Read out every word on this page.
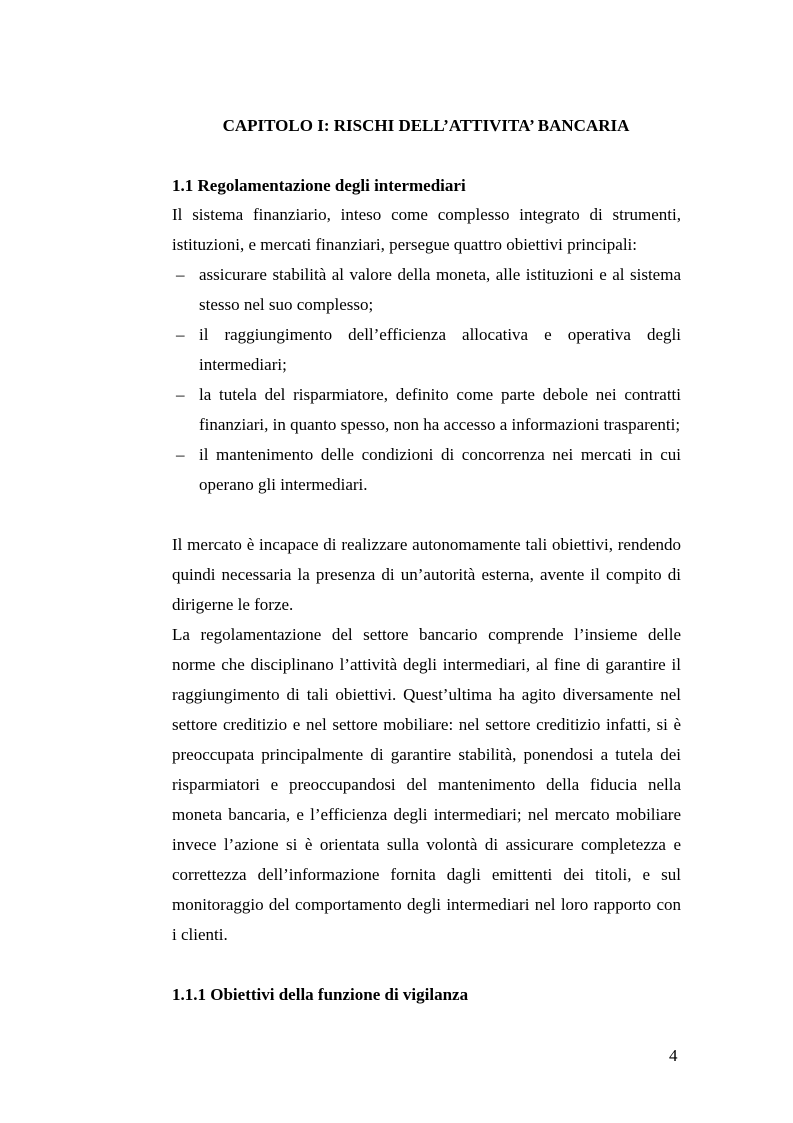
CAPITOLO I: RISCHI DELL’ATTIVITA’ BANCARIA
1.1 Regolamentazione degli intermediari

Il sistema finanziario, inteso come complesso integrato di strumenti, istituzioni, e mercati finanziari, persegue quattro obiettivi principali:

– assicurare stabilità al valore della moneta, alle istituzioni e al sistema stesso nel suo complesso;
– il raggiungimento dell’efficienza allocativa e operativa degli intermediari;
– la tutela del risparmiatore, definito come parte debole nei contratti finanziari, in quanto spesso, non ha accesso a informazioni trasparenti;
– il mantenimento delle condizioni di concorrenza nei mercati in cui operano gli intermediari.

Il mercato è incapace di realizzare autonomamente tali obiettivi, rendendo quindi necessaria la presenza di un’autorità esterna, avente il compito di dirigerne le forze.

La regolamentazione del settore bancario comprende l’insieme delle norme che disciplinano l’attività degli intermediari, al fine di garantire il raggiungimento di tali obiettivi. Quest’ultima ha agito diversamente nel settore creditizio e nel settore mobiliare: nel settore creditizio infatti, si è preoccupata principalmente di garantire stabilità, ponendosi a tutela dei risparmiatori e preoccupandosi del mantenimento della fiducia nella moneta bancaria, e l’efficienza degli intermediari; nel mercato mobiliare invece l’azione si è orientata sulla volontà di assicurare completezza e correttezza dell’informazione fornita dagli emittenti dei titoli, e sul monitoraggio del comportamento degli intermediari nel loro rapporto con i clienti.

1.1.1 Obiettivi della funzione di vigilanza
4
